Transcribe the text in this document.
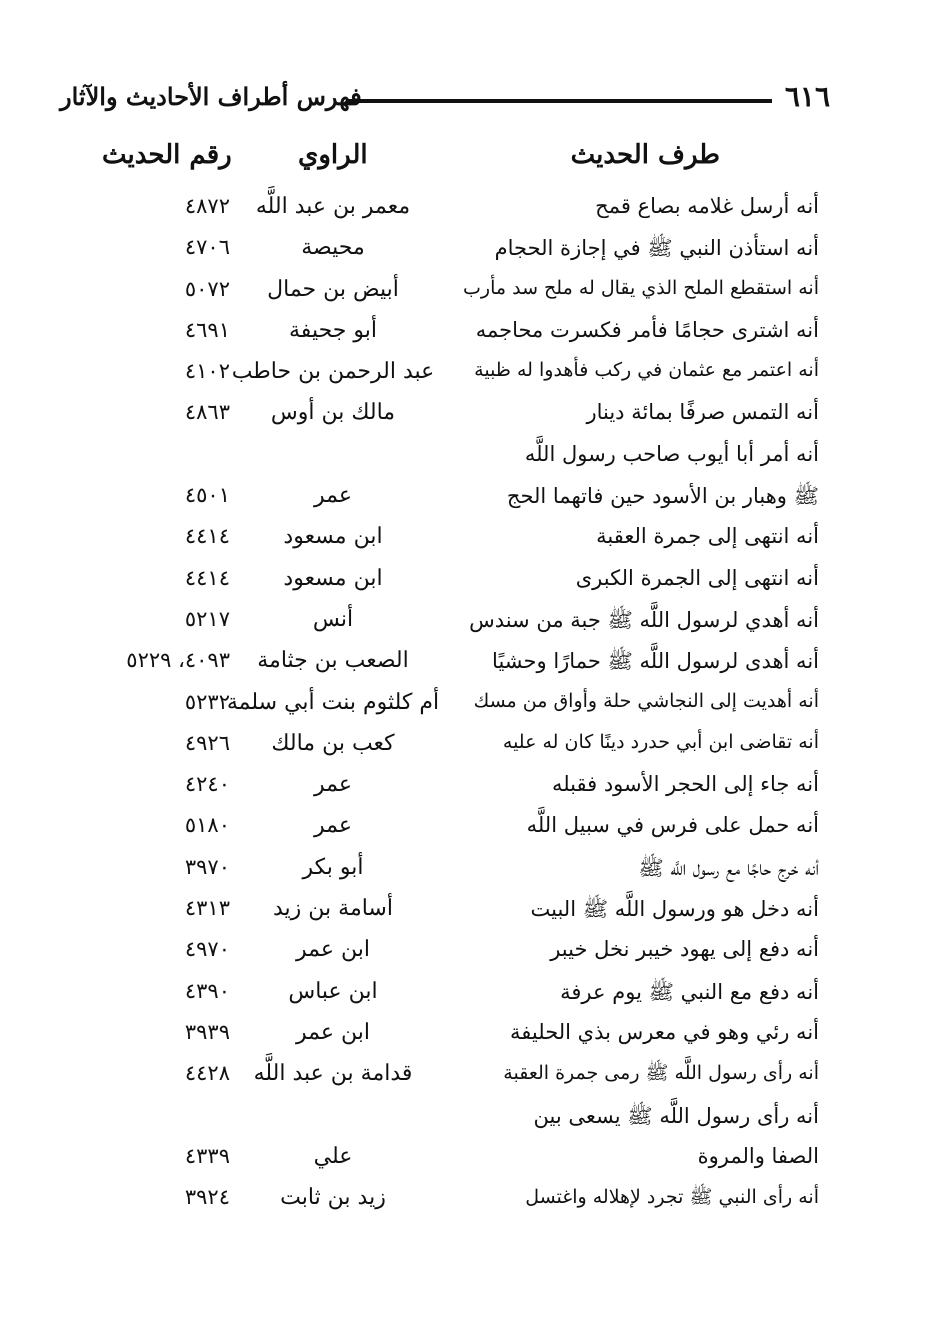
٦١٦
فهرس أطراف الأحاديث والآثار
طرف الحديث
الراوي
رقم الحديث
أنه أرسل غلامه بصاع قمح
معمر بن عبد اللَّه
٤٨٧٢
أنه استأذن النبي ﷺ في إجازة الحجام
محيصة
٤٧٠٦
أنه استقطع الملح الذي يقال له ملح سد مأرب
أبيض بن حمال
٥٠٧٢
أنه اشترى حجامًا فأمر فكسرت محاجمه
أبو جحيفة
٤٦٩١
أنه اعتمر مع عثمان في ركب فأهدوا له ظبية
عبد الرحمن بن حاطب
٤١٠٢
أنه التمس صرفًا بمائة دينار
مالك بن أوس
٤٨٦٣
أنه أمر أبا أيوب صاحب رسول اللَّه
ﷺ وهبار بن الأسود حين فاتهما الحج
عمر
٤٥٠١
أنه انتهى إلى جمرة العقبة
ابن مسعود
٤٤١٤
أنه انتهى إلى الجمرة الكبرى
ابن مسعود
٤٤١٤
أنه أهدي لرسول اللَّه ﷺ جبة من سندس
أنس
٥٢١٧
أنه أهدى لرسول اللَّه ﷺ حمارًا وحشيًا
الصعب بن جثامة
٤٠٩٣، ٥٢٢٩
أنه أهديت إلى النجاشي حلة وأواق من مسك
أم كلثوم بنت أبي سلمة
٥٢٣٢
أنه تقاضى ابن أبي حدرد دينًا كان له عليه
كعب بن مالك
٤٩٢٦
أنه جاء إلى الحجر الأسود فقبله
عمر
٤٢٤٠
أنه حمل على فرس في سبيل اللَّه
عمر
٥١٨٠
أنه خرج حاجًا مع رسول اللَّه ﷺ
أبو بكر
٣٩٧٠
أنه دخل هو ورسول اللَّه ﷺ البيت
أسامة بن زيد
٤٣١٣
أنه دفع إلى يهود خيبر نخل خيبر
ابن عمر
٤٩٧٠
أنه دفع مع النبي ﷺ يوم عرفة
ابن عباس
٤٣٩٠
أنه رئي وهو في معرس بذي الحليفة
ابن عمر
٣٩٣٩
أنه رأى رسول اللَّه ﷺ رمى جمرة العقبة
قدامة بن عبد اللَّه
٤٤٢٨
أنه رأى رسول اللَّه ﷺ يسعى بين
الصفا والمروة
علي
٤٣٣٩
أنه رأى النبي ﷺ تجرد لإهلاله واغتسل
زيد بن ثابت
٣٩٢٤
